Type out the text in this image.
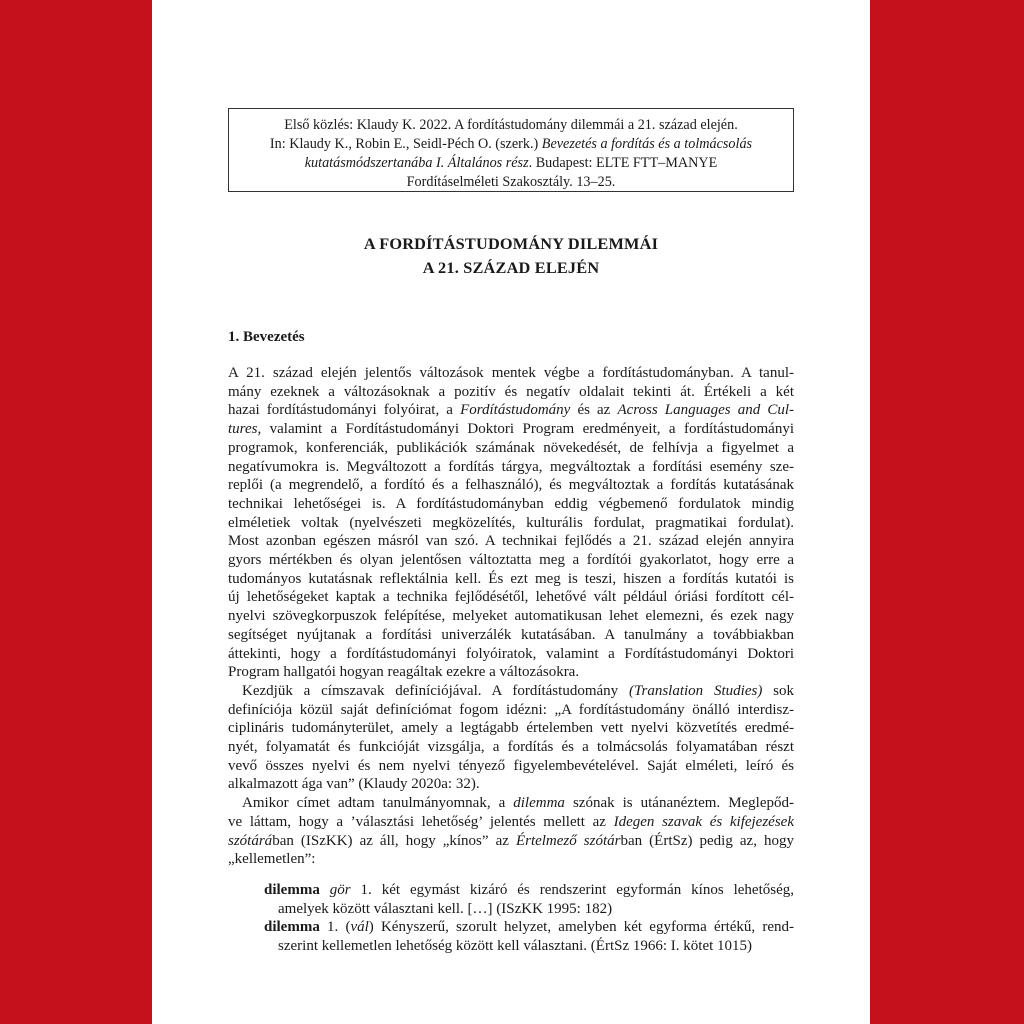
Első közlés: Klaudy K. 2022. A fordítástudomány dilemmái a 21. század elején.
In: Klaudy K., Robin E., Seidl-Péch O. (szerk.) Bevezetés a fordítás és a tolmácsolás
kutatásmódszertanába I. Általános rész. Budapest: ELTE FTT–MANYE
Fordításelméleti Szakosztály. 13–25.
A FORDÍTÁSTUDOMÁNY DILEMMÁI
A 21. SZÁZAD ELEJÉN
1. Bevezetés
A 21. század elején jelentős változások mentek végbe a fordítástudományban. A tanul-
mány ezeknek a változásoknak a pozitív és negatív oldalait tekinti át. Értékeli a két
hazai fordítástudományi folyóirat, a Fordítástudomány és az Across Languages and Cul-
tures, valamint a Fordítástudományi Doktori Program eredményeit, a fordítástudományi
programok, konferenciák, publikációk számának növekedését, de felhívja a figyelmet a
negatívumokra is. Megváltozott a fordítás tárgya, megváltoztak a fordítási esemény sze-
replői (a megrendelő, a fordító és a felhasználó), és megváltoztak a fordítás kutatásának
technikai lehetőségei is. A fordítástudományban eddig végbemenő fordulatok mindig
elméletiek voltak (nyelvészeti megközelítés, kulturális fordulat, pragmatikai fordulat).
Most azonban egészen másról van szó. A technikai fejlődés a 21. század elején annyira
gyors mértékben és olyan jelentősen változtatta meg a fordítói gyakorlatot, hogy erre a
tudományos kutatásnak reflektálnia kell. És ezt meg is teszi, hiszen a fordítás kutatói is
új lehetőségeket kaptak a technika fejlődésétől, lehetővé vált például óriási fordított cél-
nyelvi szövegkorpuszok felépítése, melyeket automatikusan lehet elemezni, és ezek nagy
segítséget nyújtanak a fordítási univerzálék kutatásában. A tanulmány a továbbiakban
áttekinti, hogy a fordítástudományi folyóiratok, valamint a Fordítástudományi Doktori
Program hallgatói hogyan reagáltak ezekre a változásokra.
Kezdjük a címszavak definíciójával. A fordítástudomány (Translation Studies) sok
definíciója közül saját definíciómat fogom idézni: „A fordítástudomány önálló interdisz-
ciplináris tudományterület, amely a legtágabb értelemben vett nyelvi közvetítés eredmé-
nyét, folyamatát és funkcióját vizsgálja, a fordítás és a tolmácsolás folyamatában részt
vevő összes nyelvi és nem nyelvi tényező figyelembevételével. Saját elméleti, leíró és
alkalmazott ága van” (Klaudy 2020a: 32).
Amikor címet adtam tanulmányomnak, a dilemma szónak is utánanéztem. Meglepőd-
ve láttam, hogy a ’választási lehetőség’ jelentés mellett az Idegen szavak és kifejezések
szótárában (ISzKK) az áll, hogy „kínos” az Értelmező szótárban (ÉrtSz) pedig az, hogy
„kellemetlen”:
dilemma gör 1. két egymást kizáró és rendszerint egyformán kínos lehetőség,
amelyek között választani kell. […] (ISzKK 1995: 182)
dilemma 1. (vál) Kényszerű, szorult helyzet, amelyben két egyforma értékű, rend-
szerint kellemetlen lehetőség között kell választani. (ÉrtSz 1966: I. kötet 1015)
